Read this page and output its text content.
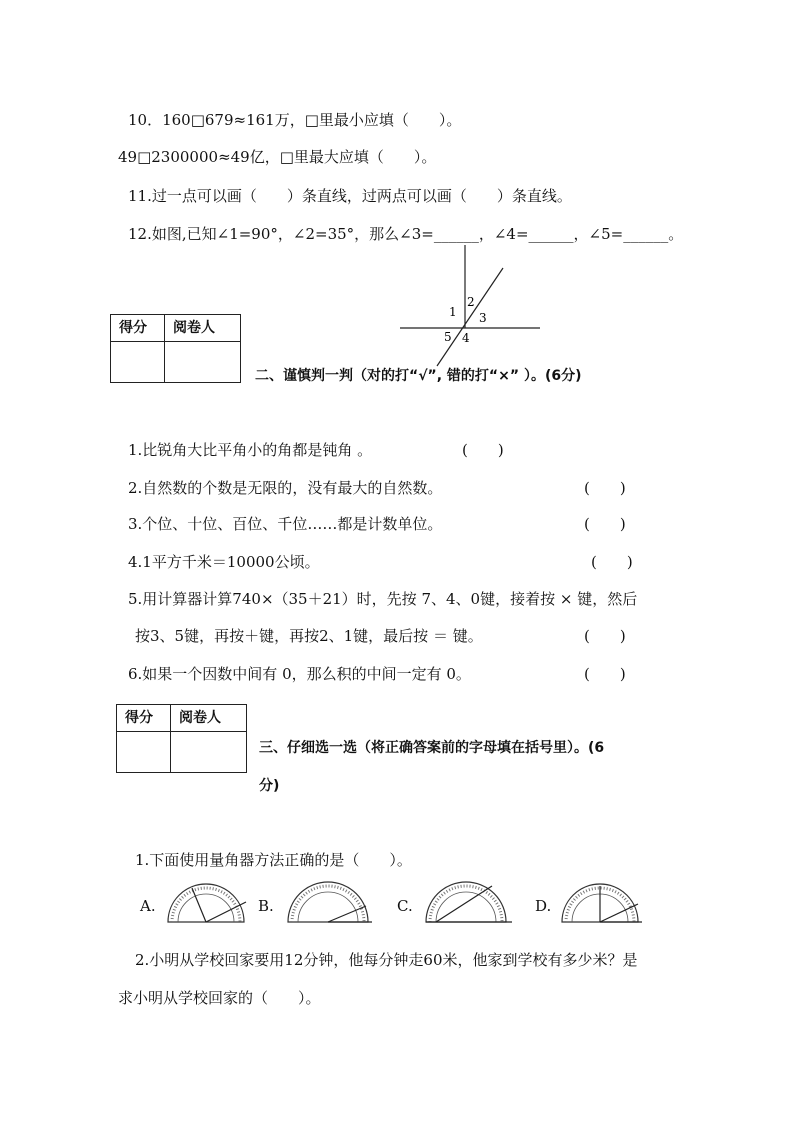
10．160□679≈161万，□里最小应填（　　）。
49□2300000≈49亿，□里最大应填（　　）。
11.过一点可以画（　　）条直线，过两点可以画（　　）条直线。
12.如图,已知∠1=90°，∠2=35°，那么∠3=______，∠4=______，∠5=______。
1
2
3
5 4
得分	阅卷人

二、谨慎判一判（对的打“√”, 错的打“×” ）。(6分)
1.比锐角大比平角小的角都是钝角 。	(　　)
2.自然数的个数是无限的，没有最大的自然数。	(　　)
3.个位、十位、百位、千位……都是计数单位。	(　　)
4.1平方千米＝10000公顷。	(　　)
5.用计算器计算740×（35＋21）时，先按 7、4、0键，接着按 × 键，然后
按3、5键，再按＋键，再按2、1键，最后按 ＝ 键。	(　　)
6.如果一个因数中间有 0，那么积的中间一定有 0。	(　　)
得分	阅卷人

三、仔细选一选（将正确答案前的字母填在括号里）。(6
分)
1.下面使用量角器方法正确的是（　　）。
A.	B.	C.	D.
2.小明从学校回家要用12分钟，他每分钟走60米，他家到学校有多少米？是
求小明从学校回家的（　　）。
